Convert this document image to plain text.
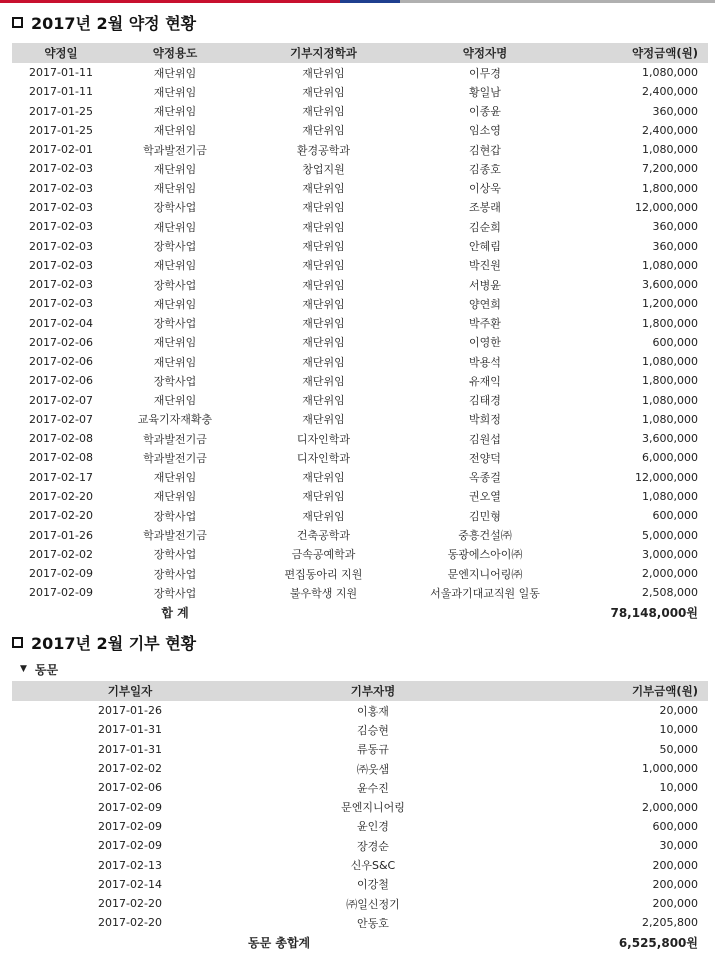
2017년 2월 약정 현황
약정일	약정용도	기부지정학과	약정자명	약정금액(원)
2017-01-11	재단위임	재단위임	이무경	1,080,000
2017-01-11	재단위임	재단위임	황일남	2,400,000
2017-01-25	재단위임	재단위임	이종윤	360,000
2017-01-25	재단위임	재단위임	임소영	2,400,000
2017-02-01	학과발전기금	환경공학과	김현갑	1,080,000
2017-02-03	재단위임	창업지원	김종호	7,200,000
2017-02-03	재단위임	재단위임	이상욱	1,800,000
2017-02-03	장학사업	재단위임	조봉래	12,000,000
2017-02-03	재단위임	재단위임	김순희	360,000
2017-02-03	장학사업	재단위임	안혜림	360,000
2017-02-03	재단위임	재단위임	박진원	1,080,000
2017-02-03	장학사업	재단위임	서병윤	3,600,000
2017-02-03	재단위임	재단위임	양연희	1,200,000
2017-02-04	장학사업	재단위임	박주환	1,800,000
2017-02-06	재단위임	재단위임	이영한	600,000
2017-02-06	재단위임	재단위임	박용석	1,080,000
2017-02-06	장학사업	재단위임	유재익	1,800,000
2017-02-07	재단위임	재단위임	김태경	1,080,000
2017-02-07	교육기자재확충	재단위임	박희정	1,080,000
2017-02-08	학과발전기금	디자인학과	김원섭	3,600,000
2017-02-08	학과발전기금	디자인학과	전양덕	6,000,000
2017-02-17	재단위임	재단위임	옥종걸	12,000,000
2017-02-20	재단위임	재단위임	권오열	1,080,000
2017-02-20	장학사업	재단위임	김민형	600,000
2017-01-26	학과발전기금	건축공학과	중흥건설㈜	5,000,000
2017-02-02	장학사업	금속공예학과	동광에스아이㈜	3,000,000
2017-02-09	장학사업	편집동아리 지원	문엔지니어링㈜	2,000,000
2017-02-09	장학사업	불우학생 지원	서울과기대교직원 일동	2,508,000
	합 계			78,148,000원
2017년 2월 기부 현황
▼ 동문
기부일자	기부자명	기부금액(원)
2017-01-26	이홍재	20,000
2017-01-31	김승현	10,000
2017-01-31	류동규	50,000
2017-02-02	㈜웃샘	1,000,000
2017-02-06	윤수진	10,000
2017-02-09	문엔지니어링	2,000,000
2017-02-09	윤인경	600,000
2017-02-09	장경순	30,000
2017-02-13	신우S&C	200,000
2017-02-14	이강철	200,000
2017-02-20	㈜일신정기	200,000
2017-02-20	안동호	2,205,800
	동문 총합계	6,525,800원
